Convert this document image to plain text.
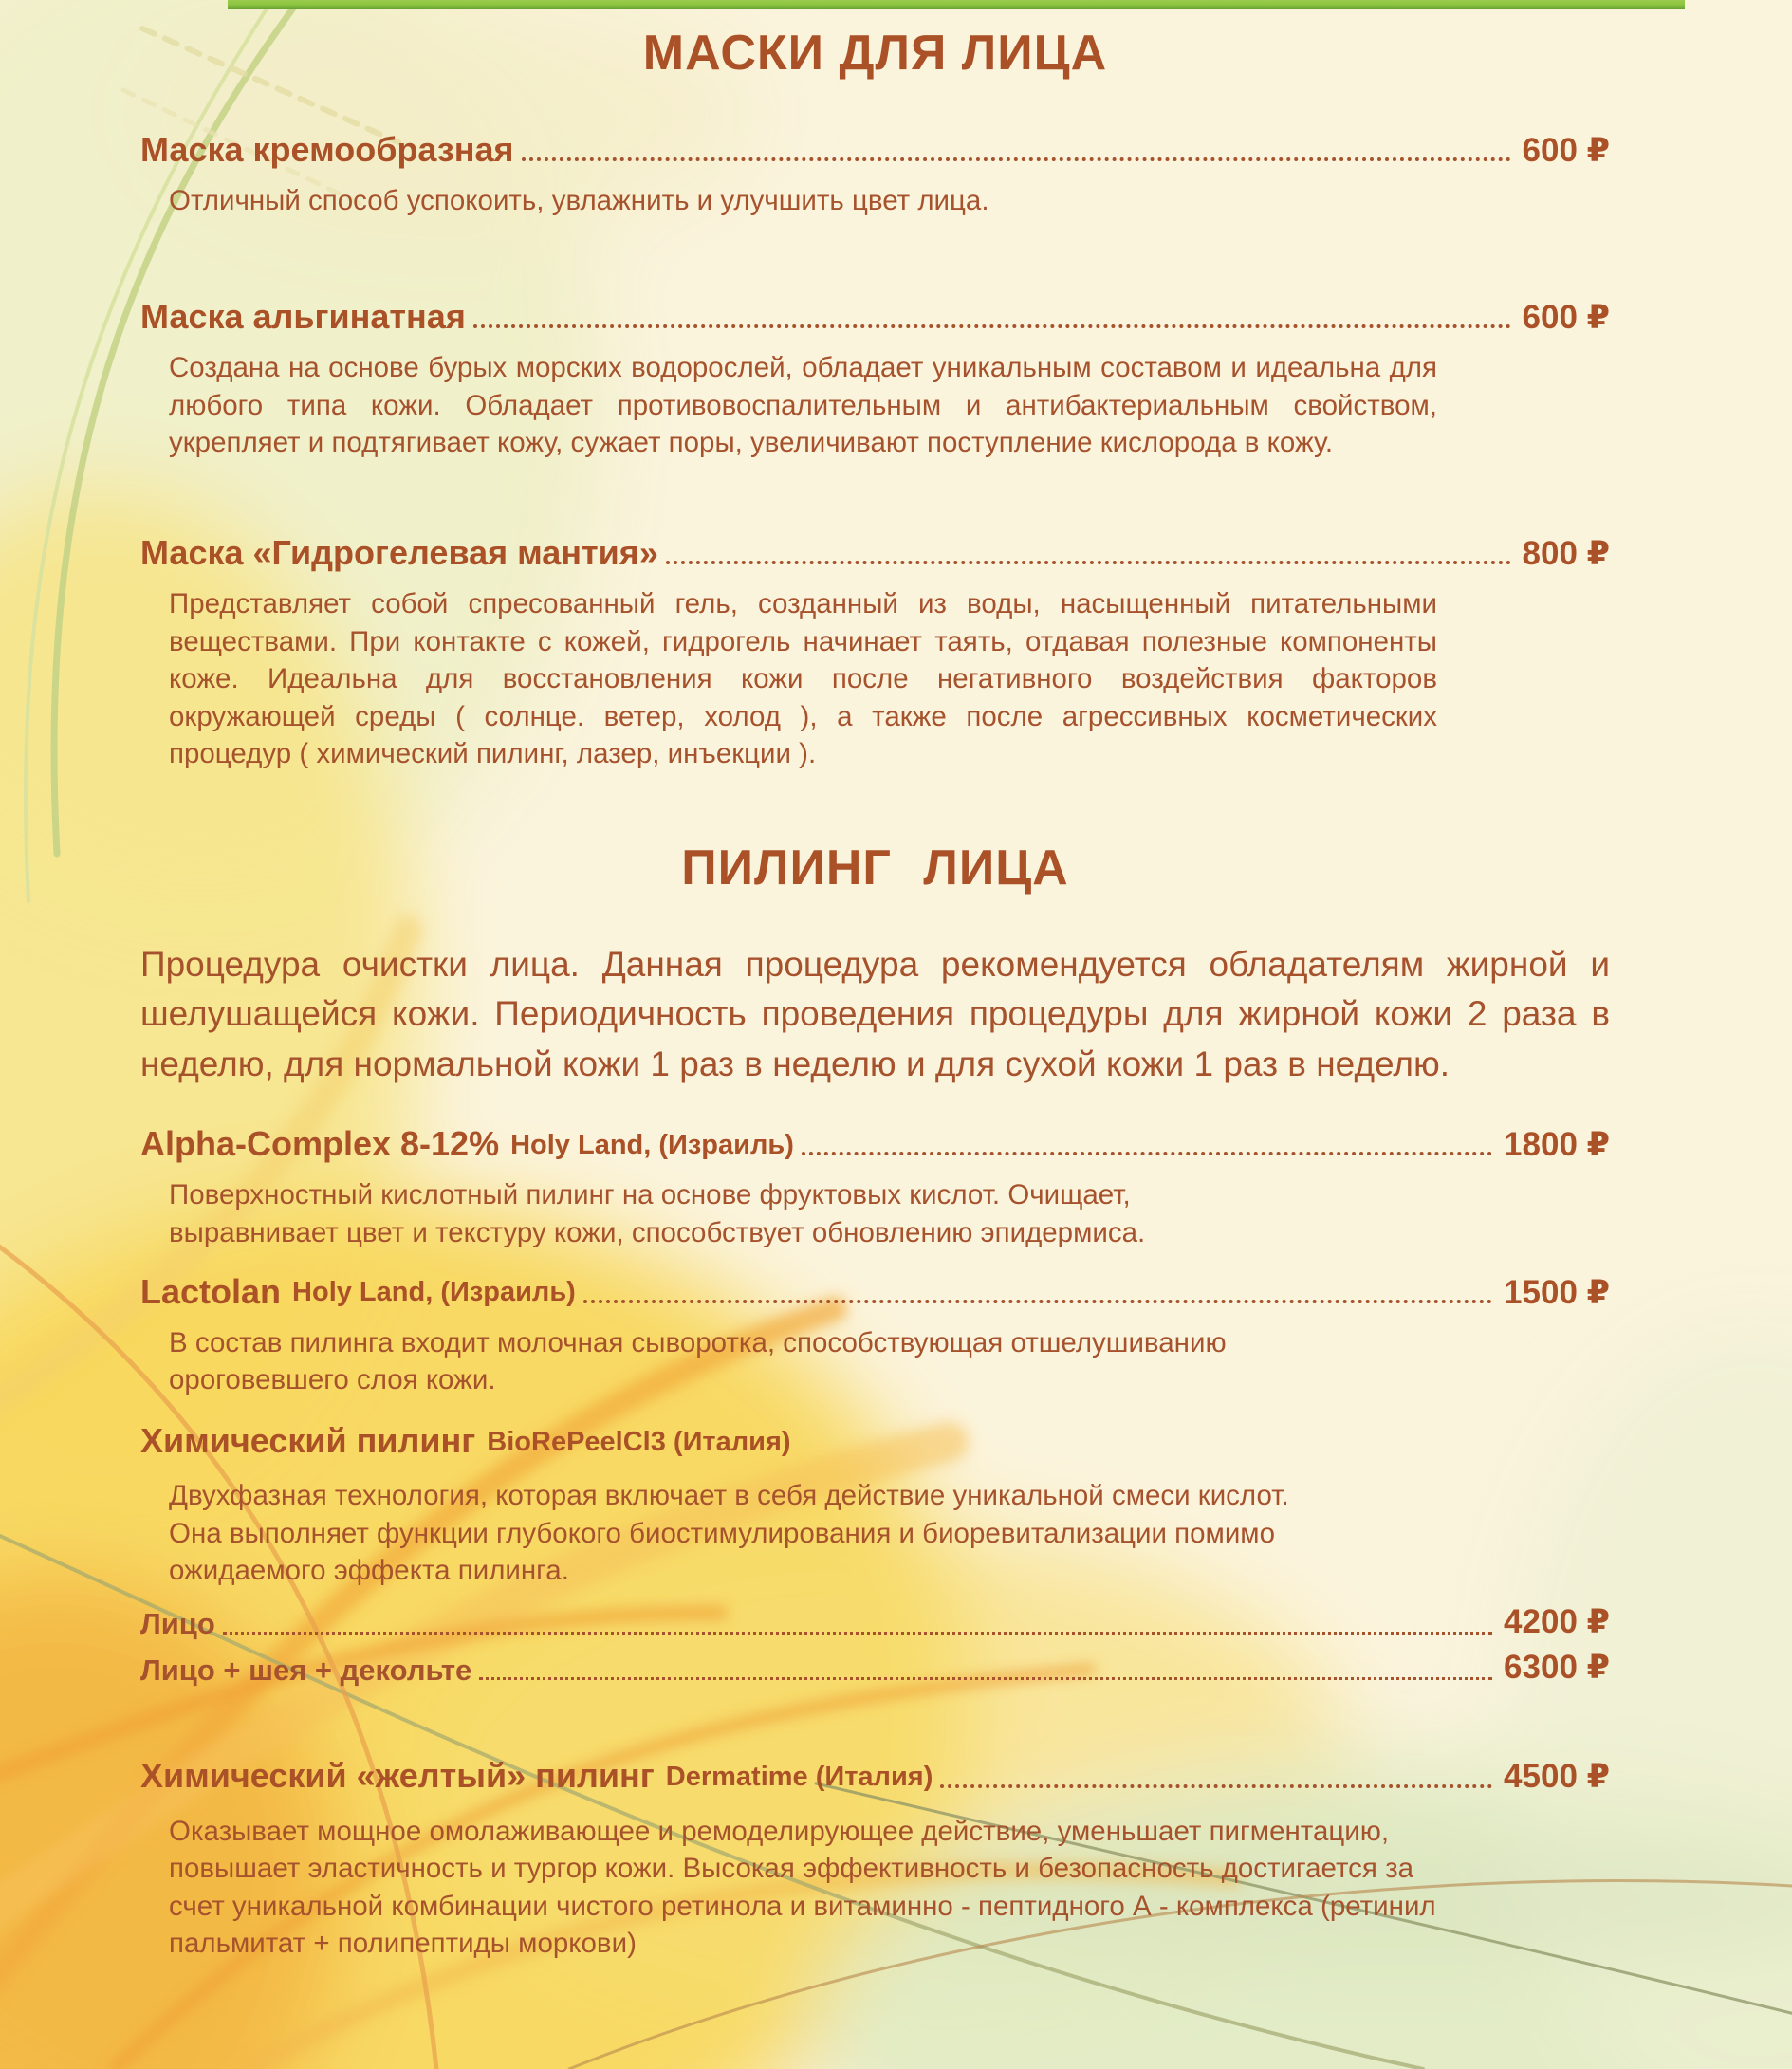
МАСКИ ДЛЯ ЛИЦА
Маска кремообразная	600 ₽
Отличный способ успокоить, увлажнить и улучшить цвет лица.
Маска альгинатная	600 ₽
Создана на основе бурых морских водорослей, обладает уникальным составом и идеальна для любого типа кожи. Обладает противовоспалительным и антибактериальным свойством, укрепляет и подтягивает кожу, сужает поры, увеличивают поступление кислорода в кожу.
Маска «Гидрогелевая мантия»	800 ₽
Представляет собой спресованный гель, созданный из воды, насыщенный питательными веществами. При контакте с кожей, гидрогель начинает таять, отдавая полезные компоненты коже. Идеальна для восстановления кожи после негативного воздействия факторов окружающей среды ( солнце. ветер, холод ), а также после агрессивных косметических процедур ( химический пилинг, лазер, инъекции ).
ПИЛИНГ ЛИЦА

Процедура очистки лица. Данная процедура рекомендуется обладателям жирной и шелушащейся кожи. Периодичность проведения процедуры для жирной кожи 2 раза в неделю, для нормальной кожи 1 раз в неделю и для сухой кожи 1 раз в неделю.

Alpha-Complex 8-12% Holy Land, (Израиль)	1800 ₽
Поверхностный кислотный пилинг на основе фруктовых кислот. Очищает, выравнивает цвет и текстуру кожи, способствует обновлению эпидермиса.
Lactolan Holy Land, (Израиль)	1500 ₽
В состав пилинга входит молочная сыворотка, способствующая отшелушиванию ороговевшего слоя кожи.
Химический пилинг BioRePeelCl3 (Италия)
Двухфазная технология, которая включает в себя действие уникальной смеси кислот. Она выполняет функции глубокого биостимулирования и биоревитализации помимо ожидаемого эффекта пилинга.
Лицо	4200 ₽
Лицо + шея + декольте	6300 ₽
Химический «желтый» пилинг Dermatime (Италия)	4500 ₽
Оказывает мощное омолаживающее и ремоделирующее действие, уменьшает пигментацию, повышает эластичность и тургор кожи. Высокая эффективность и безопасность достигается за счет уникальной комбинации чистого ретинола и витаминно - пептидного А - комплекса (ретинил пальмитат + полипептиды моркови)
